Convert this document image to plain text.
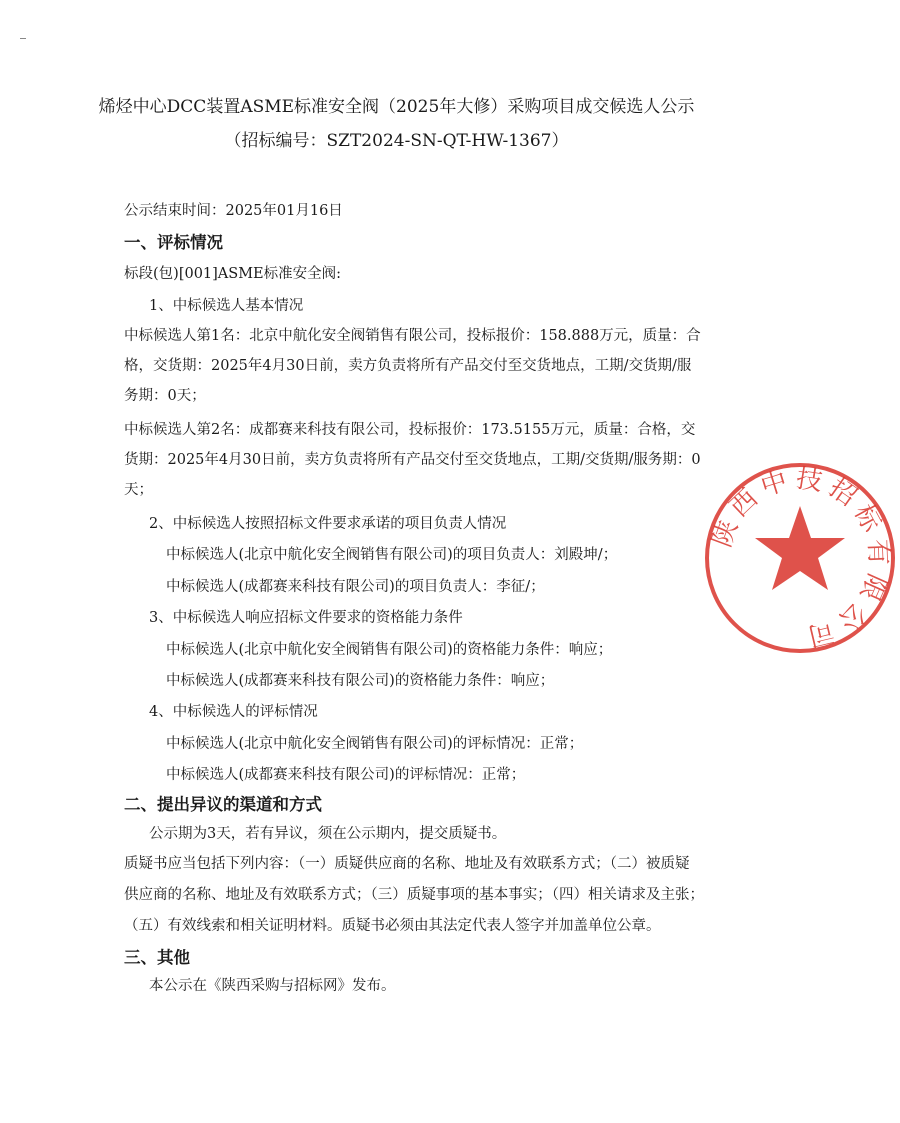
烯烃中心DCC装置ASME标准安全阀（2025年大修）采购项目成交候选人公示
（招标编号：SZT2024-SN-QT-HW-1367）
公示结束时间：2025年01月16日
一、评标情况
标段(包)[001]ASME标准安全阀:
1、中标候选人基本情况
中标候选人第1名：北京中航化安全阀销售有限公司，投标报价：158.888万元，质量：合
格，交货期：2025年4月30日前，卖方负责将所有产品交付至交货地点，工期/交货期/服
务期：0天；
中标候选人第2名：成都赛来科技有限公司，投标报价：173.5155万元，质量：合格，交
货期：2025年4月30日前，卖方负责将所有产品交付至交货地点，工期/交货期/服务期：0
天；
2、中标候选人按照招标文件要求承诺的项目负责人情况
中标候选人(北京中航化安全阀销售有限公司)的项目负责人：刘殿坤/；
中标候选人(成都赛来科技有限公司)的项目负责人：李征/；
3、中标候选人响应招标文件要求的资格能力条件
中标候选人(北京中航化安全阀销售有限公司)的资格能力条件：响应；
中标候选人(成都赛来科技有限公司)的资格能力条件：响应；
4、中标候选人的评标情况
中标候选人(北京中航化安全阀销售有限公司)的评标情况：正常；
中标候选人(成都赛来科技有限公司)的评标情况：正常；
二、提出异议的渠道和方式
公示期为3天，若有异议，须在公示期内，提交质疑书。
质疑书应当包括下列内容：（一）质疑供应商的名称、地址及有效联系方式；（二）被质疑
供应商的名称、地址及有效联系方式；（三）质疑事项的基本事实；（四）相关请求及主张；
（五）有效线索和相关证明材料。质疑书必须由其法定代表人签字并加盖单位公章。
三、其他
本公示在《陕西采购与招标网》发布。
陕西中技招标有限公司
